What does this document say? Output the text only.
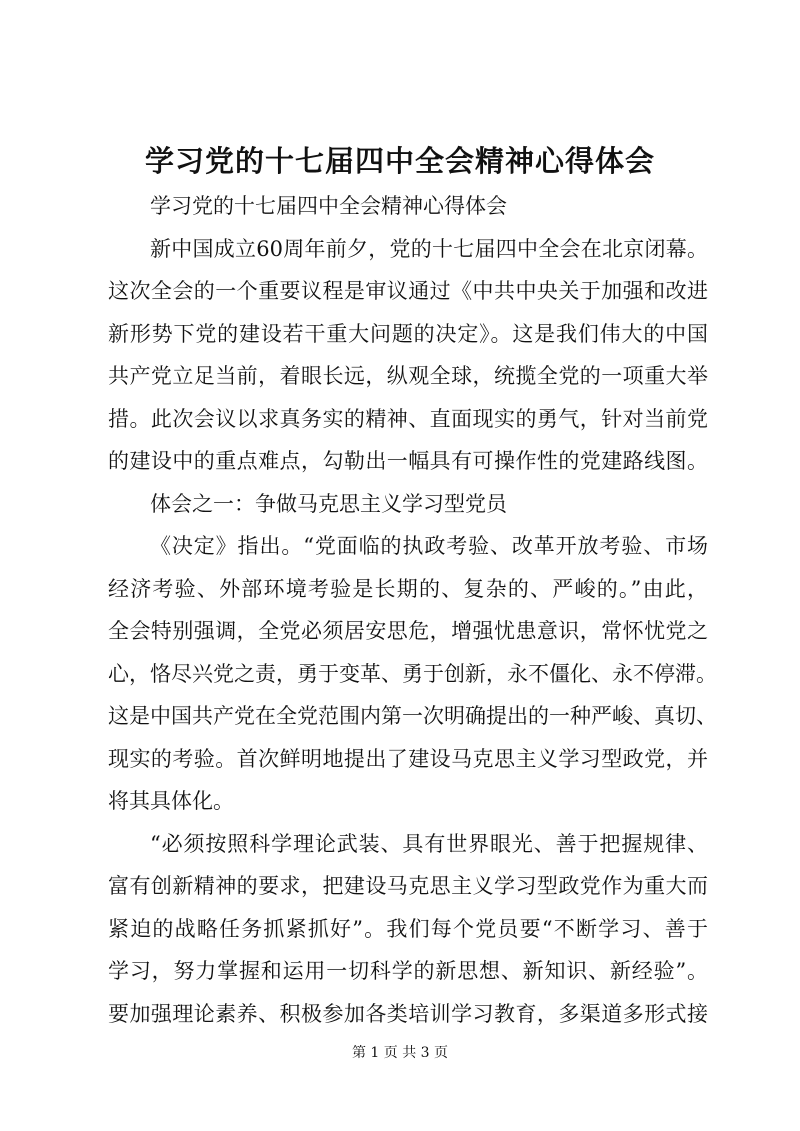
学习党的十七届四中全会精神心得体会
学习党的十七届四中全会精神心得体会
新中国成立60周年前夕，党的十七届四中全会在北京闭幕。
这次全会的一个重要议程是审议通过《中共中央关于加强和改进
新形势下党的建设若干重大问题的决定》。这是我们伟大的中国
共产党立足当前，着眼长远，纵观全球，统揽全党的一项重大举
措。此次会议以求真务实的精神、直面现实的勇气，针对当前党
的建设中的重点难点，勾勒出一幅具有可操作性的党建路线图。
体会之一：争做马克思主义学习型党员
《决定》指出。“党面临的执政考验、改革开放考验、市场
经济考验、外部环境考验是长期的、复杂的、严峻的。”由此，
全会特别强调，全党必须居安思危，增强忧患意识，常怀忧党之
心，恪尽兴党之责，勇于变革、勇于创新，永不僵化、永不停滞。
这是中国共产党在全党范围内第一次明确提出的一种严峻、真切、
现实的考验。首次鲜明地提出了建设马克思主义学习型政党，并
将其具体化。
“必须按照科学理论武装、具有世界眼光、善于把握规律、
富有创新精神的要求，把建设马克思主义学习型政党作为重大而
紧迫的战略任务抓紧抓好”。我们每个党员要“不断学习、善于
学习，努力掌握和运用一切科学的新思想、新知识、新经验”。
要加强理论素养、积极参加各类培训学习教育，多渠道多形式接
第 1 页 共 3 页
